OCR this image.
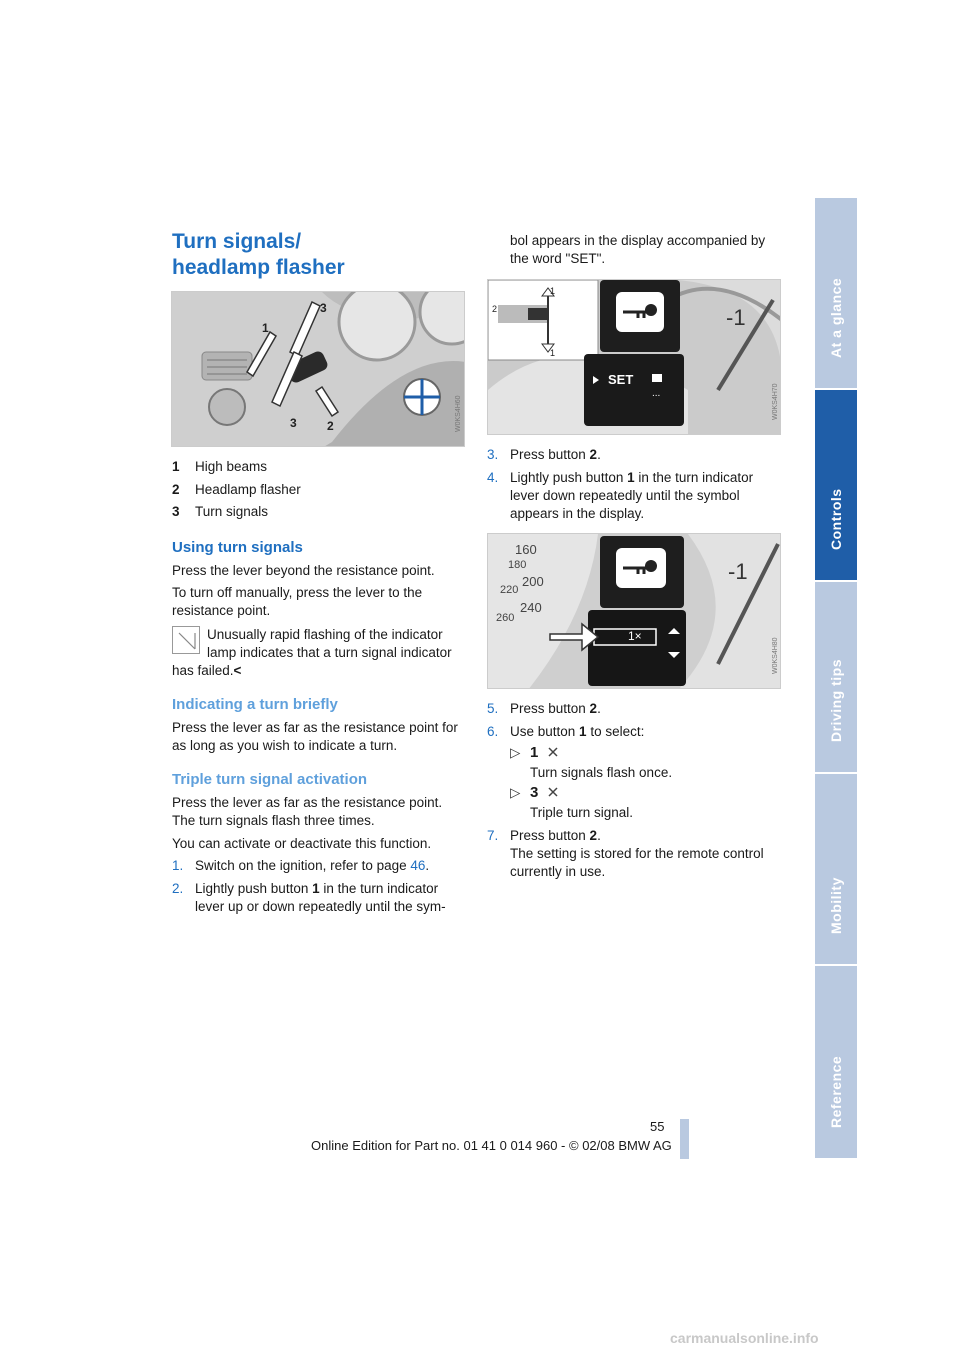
At a glance
Controls
Driving tips
Mobility
Reference
Turn signals/
headlamp flasher
1
2
3
3	W0KS4H60
1 High beams
2 Headlamp flasher
3 Turn signals
Using turn signals
Press the lever beyond the resistance point.
To turn off manually, press the lever to the
resistance point.
Unusually rapid flashing of the indicator
lamp indicates that a turn signal indicator
has failed.<
Indicating a turn briefly
Press the lever as far as the resistance point for
as long as you wish to indicate a turn.
Triple turn signal activation
Press the lever as far as the resistance point.
The turn signals flash three times.
You can activate or deactivate this function.
1. Switch on the ignition, refer to page 46.
2. Lightly push button 1 in the turn indicator
lever up or down repeatedly until the sym-
bol appears in the display accompanied by
the word "SET".
-1
1
1
2
SET
...	W0KS4H70
3. Press button 2.
4. Lightly push button 1 in the turn indicator
lever down repeatedly until the symbol
appears in the display.
-1
160
180
200
220
240
260
1×
W0KS4H80
5. Press button 2.
6. Use button 1 to select:
▷ 1
Turn signals flash once.
▷ 3
Triple turn signal.
7. Press button 2.
The setting is stored for the remote control
currently in use.
55
Online Edition for Part no. 01 41 0 014 960 - © 02/08 BMW AG
carmanualsonline.info
